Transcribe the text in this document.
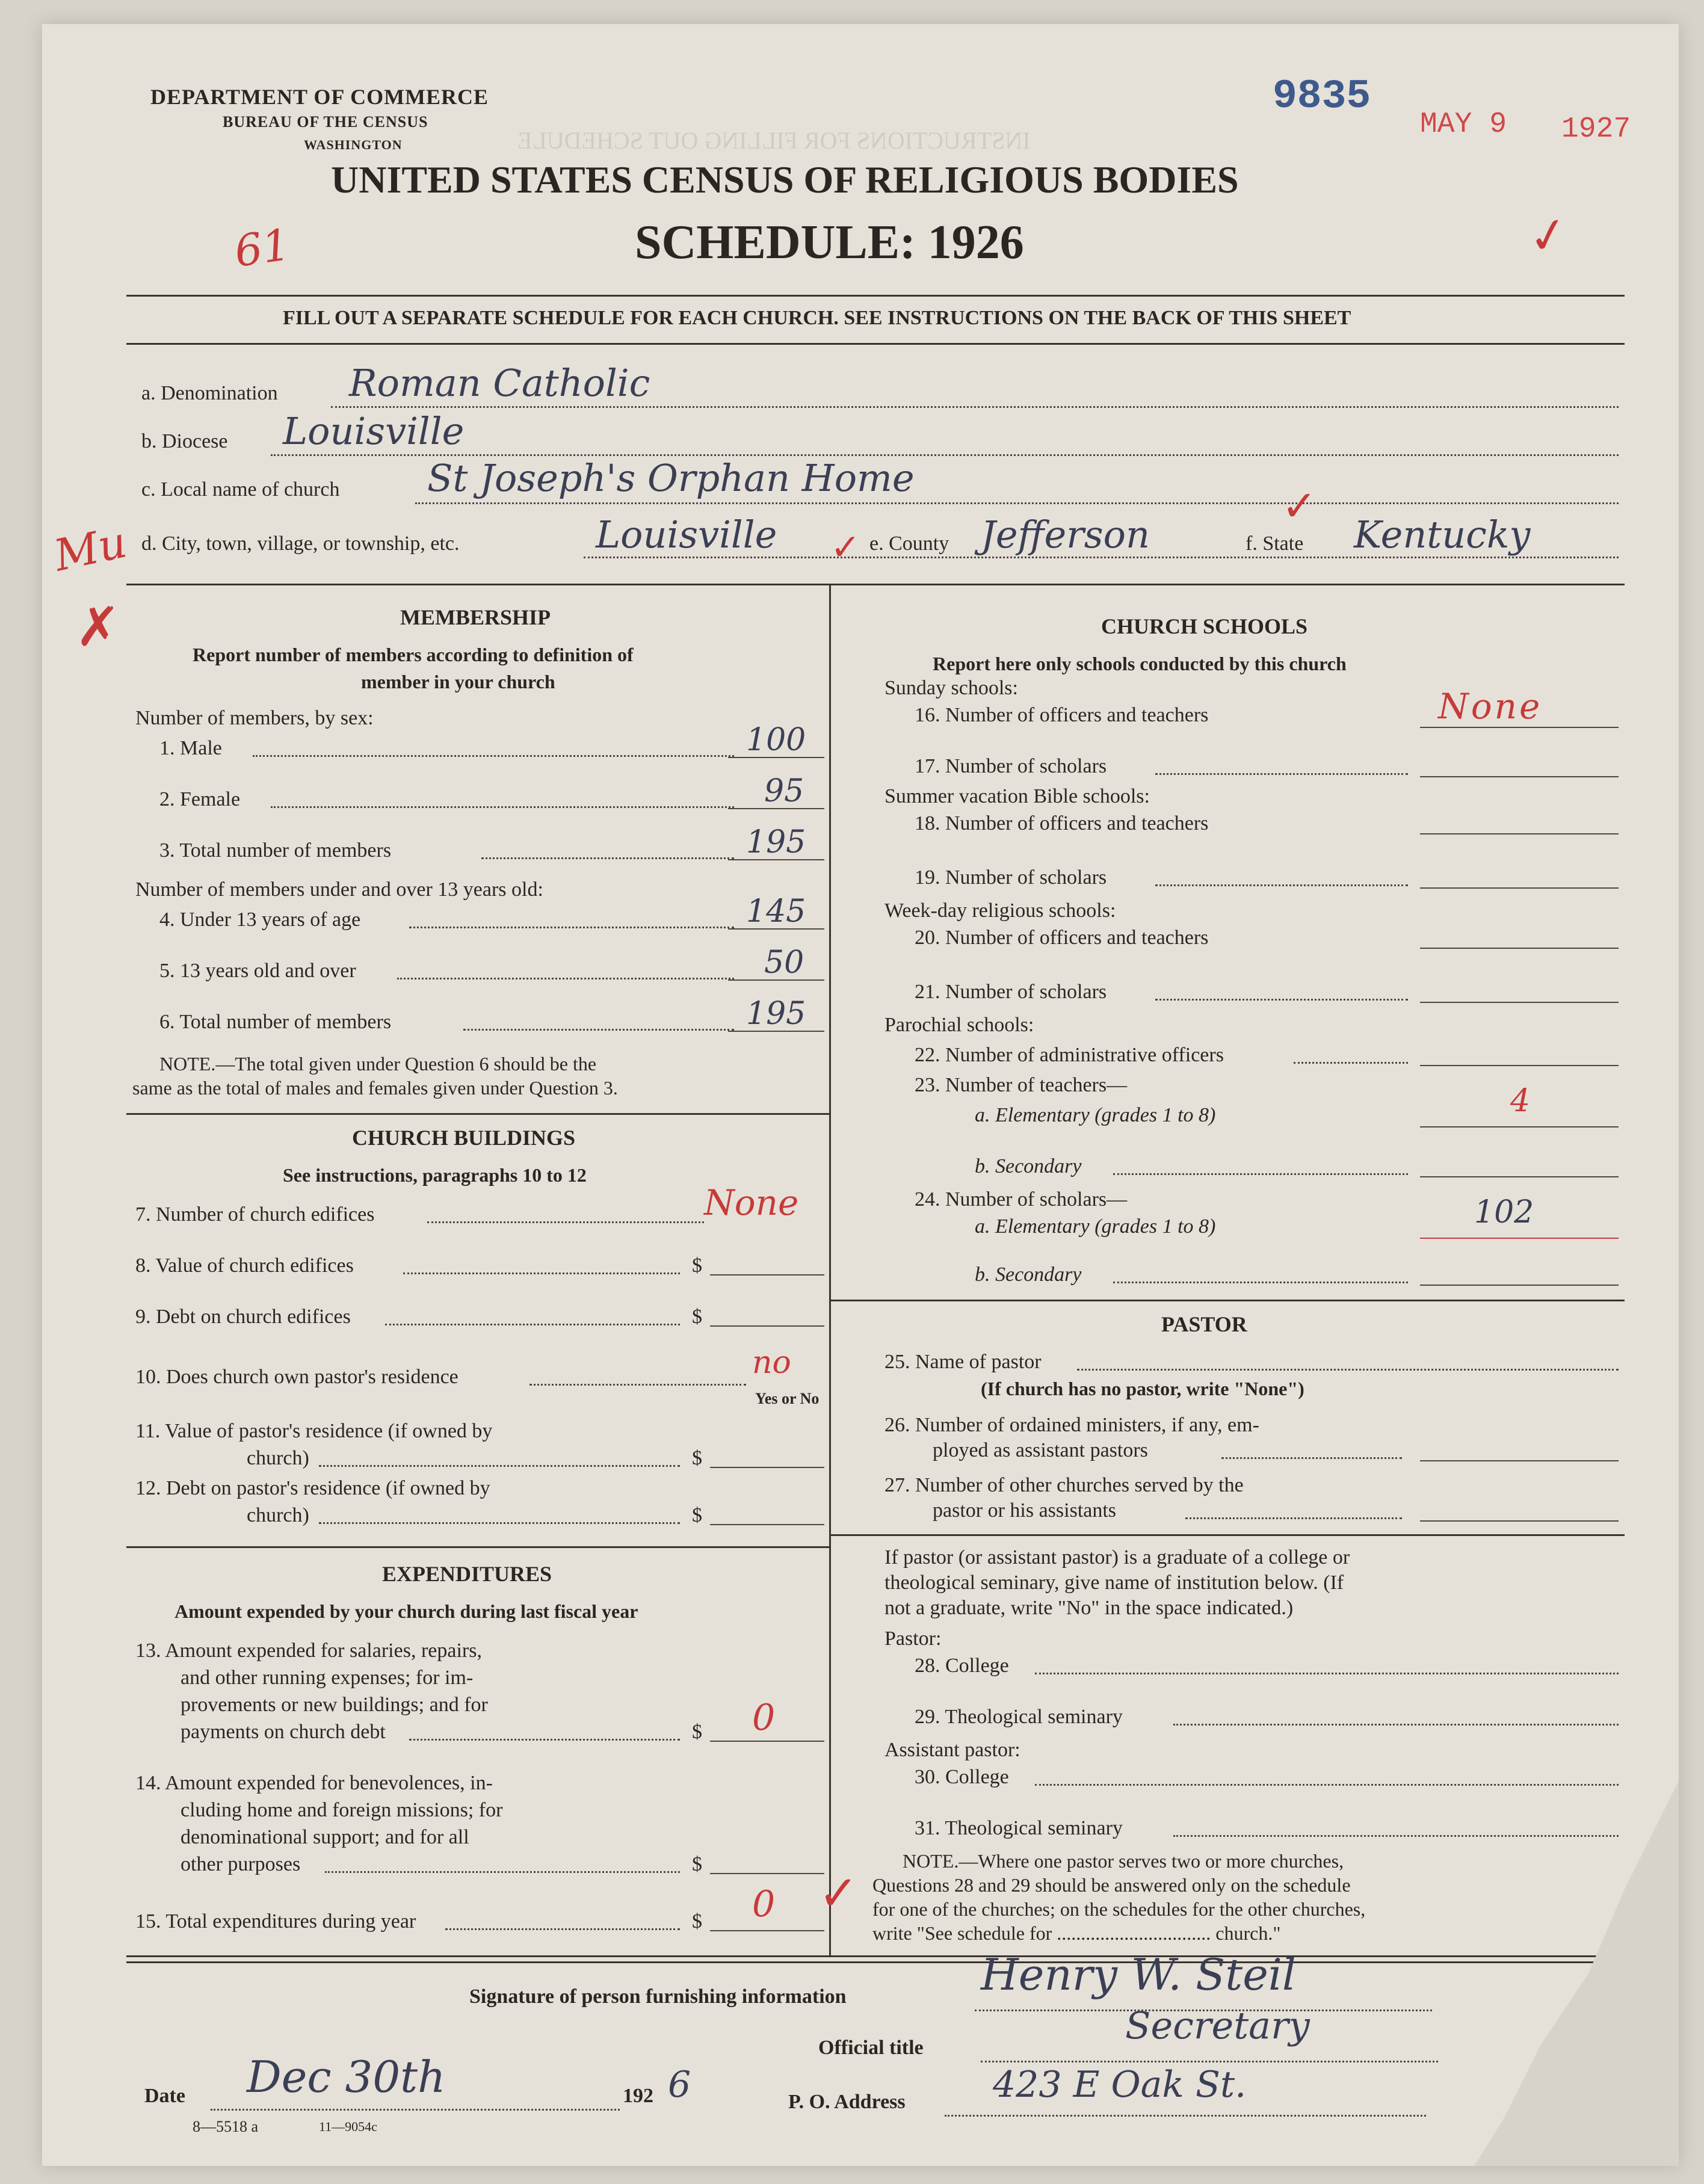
INSTRUCTIONS FOR FILLING OUT SCHEDULE
DEPARTMENT OF COMMERCE
BUREAU OF THE CENSUS
WASHINGTON
9835
MAY 9 1927
UNITED STATES CENSUS OF RELIGIOUS BODIES
SCHEDULE: 1926
61	✓
FILL OUT A SEPARATE SCHEDULE FOR EACH CHURCH. SEE INSTRUCTIONS ON THE BACK OF THIS SHEET
a. Denomination Roman Catholic
b. Diocese Louisville
c. Local name of church St Joseph's Orphan Home
Mu
✗
d. City, town, village, or township, etc.	Louisville ✓ e. County Jefferson
✓
f. State Kentucky
MEMBERSHIP
Report number of members according to definition of
member in your church
Number of members, by sex:
1. Male	100
2. Female	95
3. Total number of members	195
Number of members under and over 13 years old:
4. Under 13 years of age	145
5. 13 years old and over	50
6. Total number of members	195
NOTE.—The total given under Question 6 should be the
same as the total of males and females given under Question 3.
CHURCH BUILDINGS
See instructions, paragraphs 10 to 12
7. Number of church edifices	None
8. Value of church edifices	$
9. Debt on church edifices	$
10. Does church own pastor's residence	no
Yes or No
11. Value of pastor's residence (if owned by
church)	$
12. Debt on pastor's residence (if owned by
church)	$
EXPENDITURES
Amount expended by your church during last fiscal year
13. Amount expended for salaries, repairs,
and other running expenses; for im-
provements or new buildings; and for
payments on church debt	$ 0
14. Amount expended for benevolences, in-
cluding home and foreign missions; for
denominational support; and for all
other purposes	$
15. Total expenditures during year	$ 0 ✓
CHURCH SCHOOLS
Report here only schools conducted by this church
Sunday schools:
16. Number of officers and teachers	None
17. Number of scholars
Summer vacation Bible schools:
18. Number of officers and teachers
19. Number of scholars
Week-day religious schools:
20. Number of officers and teachers
21. Number of scholars
Parochial schools:
22. Number of administrative officers
23. Number of teachers—
a. Elementary (grades 1 to 8)	4
b. Secondary
24. Number of scholars—
a. Elementary (grades 1 to 8)	102
b. Secondary
PASTOR
25. Name of pastor
(If church has no pastor, write "None")
26. Number of ordained ministers, if any, em-
ployed as assistant pastors
27. Number of other churches served by the
pastor or his assistants
If pastor (or assistant pastor) is a graduate of a college or
theological seminary, give name of institution below. (If
not a graduate, write "No" in the space indicated.)
Pastor:
28. College
29. Theological seminary
Assistant pastor:
30. College
31. Theological seminary
NOTE.—Where one pastor serves two or more churches,
Questions 28 and 29 should be answered only on the schedule
for one of the churches; on the schedules for the other churches,
write "See schedule for ................................ church."
Signature of person furnishing information	Henry W. Steil
Official title
Secretary
Date Dec 30th	192 6	P. O. Address 423 E Oak St.
8—5518 a	11—9054c
